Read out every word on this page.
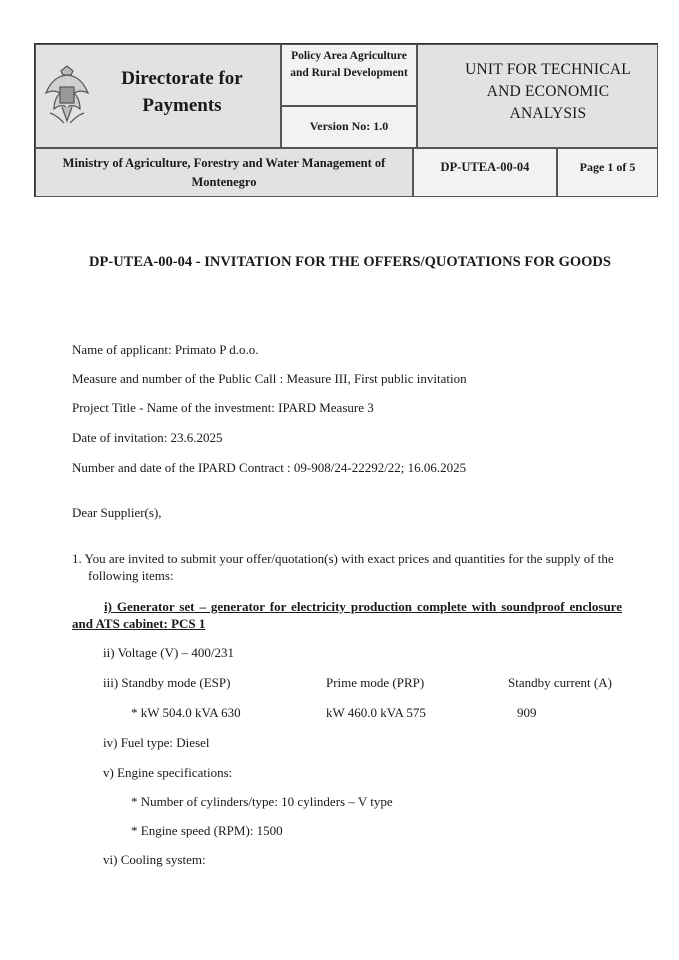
Directorate for Payments
Policy Area Agriculture and Rural Development
Version No: 1.0
UNIT FOR TECHNICAL AND ECONOMIC ANALYSIS
Ministry of Agriculture, Forestry and Water Management of Montenegro
DP-UTEA-00-04	Page 1 of 5
DP-UTEA-00-04 - INVITATION FOR THE OFFERS/QUOTATIONS FOR GOODS
Name of applicant: Primato P d.o.o.
Measure and number of the Public Call : Measure III, First public invitation
Project Title - Name of the investment: IPARD Measure 3
Date of invitation: 23.6.2025
Number and date of the IPARD Contract : 09-908/24-22292/22; 16.06.2025
Dear Supplier(s),
1. You are invited to submit your offer/quotation(s) with exact prices and quantities for the supply of the following items:
i) Generator set – generator for electricity production complete with soundproof enclosure and ATS cabinet: PCS 1
ii) Voltage (V) – 400/231
iii) Standby mode (ESP)	Prime mode (PRP)	Standby current (A)
* kW 504.0 kVA 630	kW 460.0 kVA 575	909
iv) Fuel type: Diesel
v) Engine specifications:
* Number of cylinders/type: 10 cylinders – V type
* Engine speed (RPM): 1500
vi) Cooling system:
